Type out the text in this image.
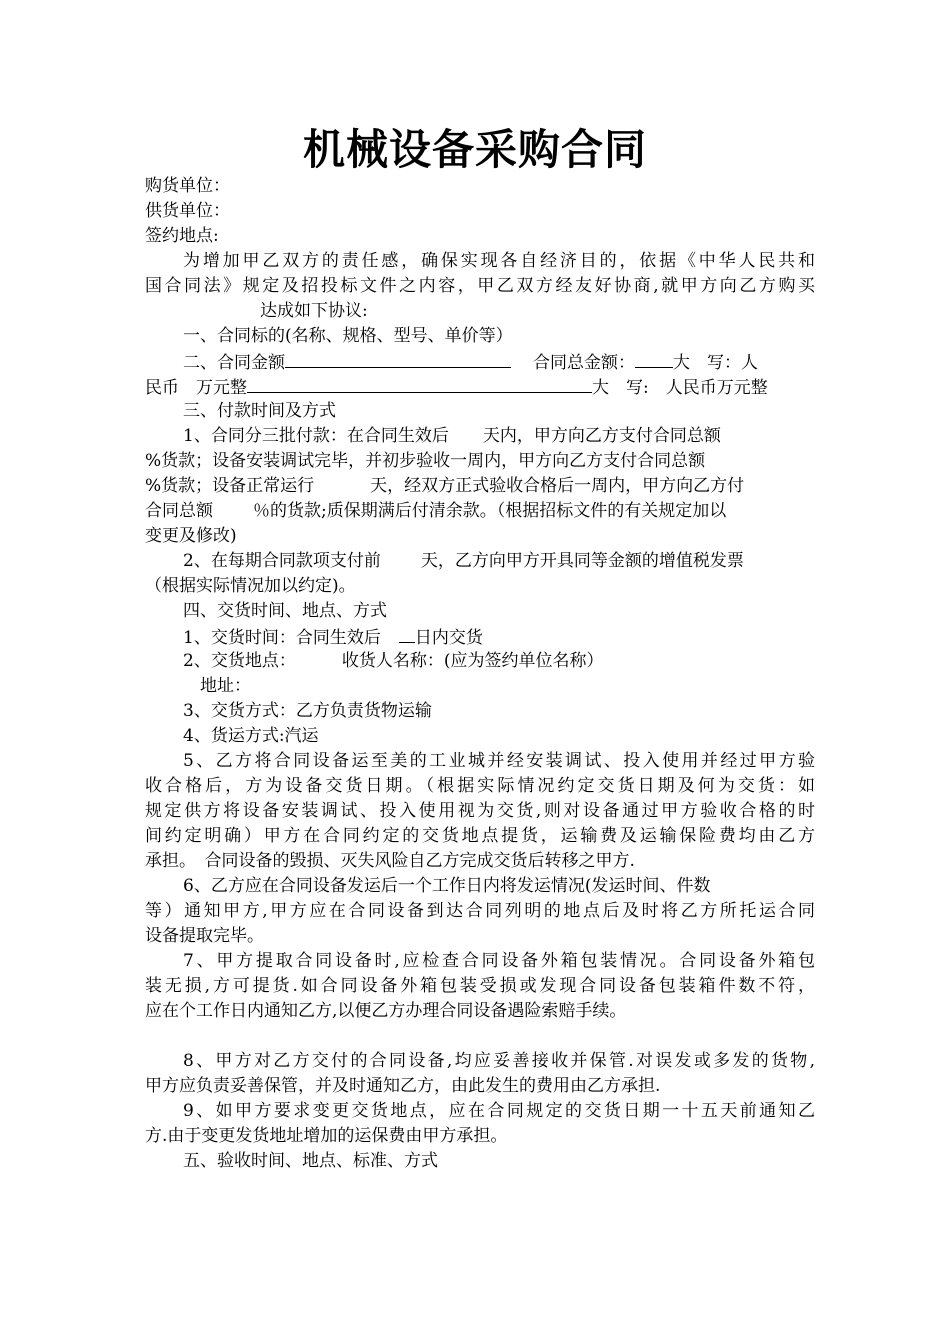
机械设备采购合同
购货单位：
供货单位：
签约地点:
为增加甲乙双方的责任感，确保实现各自经济目的，依据《中华人民共和
国合同法》规定及招投标文件之内容，甲乙双方经友好协商,就甲方向乙方购买
达成如下协议:
一、合同标的(名称、规格、型号、单价等）
二、合同金额	合同总金额： 大　写：人
民币　万元整	大　写:　人民币万元整
三、付款时间及方式
1、合同分三批付款：在合同生效后 天内，甲方向乙方支付合同总额
%货款；设备安装调试完毕，并初步验收一周内，甲方向乙方支付合同总额
%货款；设备正常运行	天，经双方正式验收合格后一周内，甲方向乙方付
合同总额 ％的货款;质保期满后付清余款。（根据招标文件的有关规定加以
变更及修改)
2、在每期合同款项支付前 天，乙方向甲方开具同等金额的增值税发票
（根据实际情况加以约定)。
四、交货时间、地点、方式
1、交货时间：合同生效后 日内交货
2、交货地点：	收货人名称：(应为签约单位名称）
地址：
3、交货方式：乙方负责货物运输
4、货运方式:汽运
5、乙方将合同设备运至美的工业城并经安装调试、投入使用并经过甲方验
收合格后，方为设备交货日期。（根据实际情况约定交货日期及何为交货：如
规定供方将设备安装调试、投入使用视为交货,则对设备通过甲方验收合格的时
间约定明确）甲方在合同约定的交货地点提货，运输费及运输保险费均由乙方
承担。　合同设备的毁损、灭失风险自乙方完成交货后转移之甲方.
6、乙方应在合同设备发运后一个工作日内将发运情况(发运时间、件数
等）通知甲方,甲方应在合同设备到达合同列明的地点后及时将乙方所托运合同
设备提取完毕。
7、甲方提取合同设备时,应检查合同设备外箱包装情况。合同设备外箱包
装无损,方可提货.如合同设备外箱包装受损或发现合同设备包装箱件数不符，
应在个工作日内通知乙方,以便乙方办理合同设备遇险索赔手续。
8、甲方对乙方交付的合同设备,均应妥善接收并保管.对误发或多发的货物,
甲方应负责妥善保管，并及时通知乙方，由此发生的费用由乙方承担.
9、如甲方要求变更交货地点，应在合同规定的交货日期一十五天前通知乙
方.由于变更发货地址增加的运保费由甲方承担。
五、验收时间、地点、标准、方式
